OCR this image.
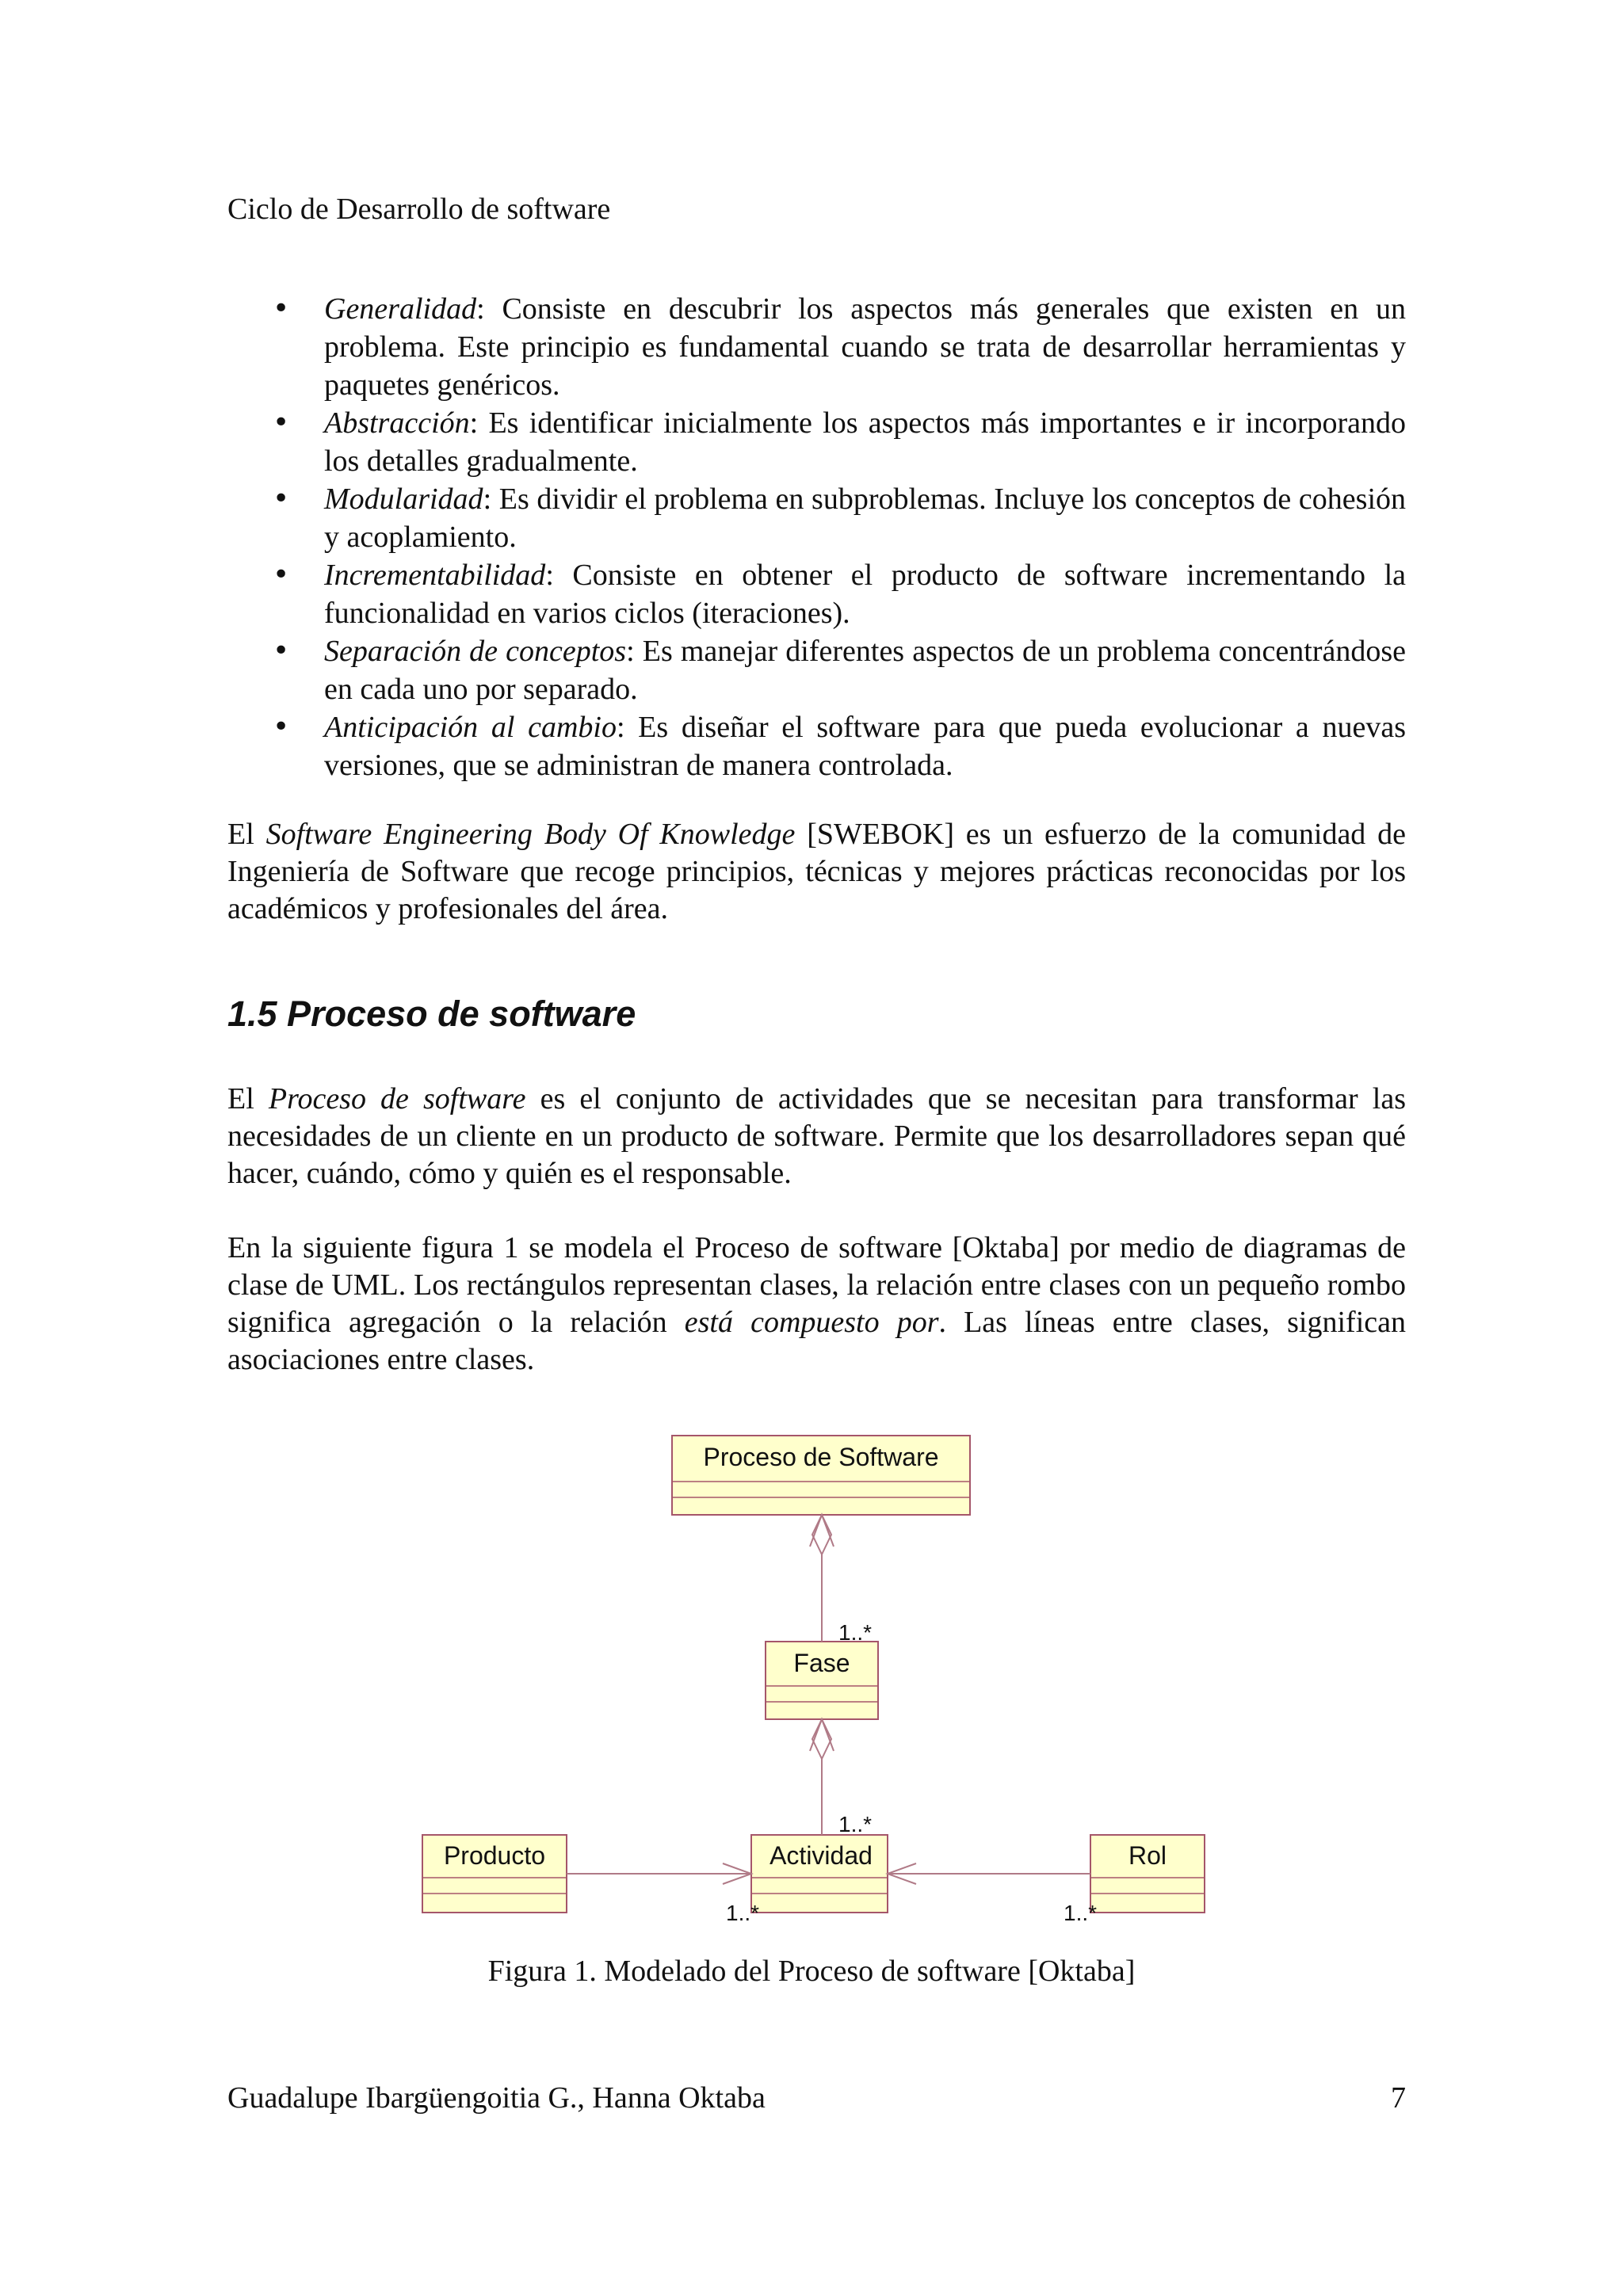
Ciclo de Desarrollo de software
• Generalidad: Consiste en descubrir los aspectos más generales que existen en un problema. Este principio es fundamental cuando se trata de desarrollar herramientas y paquetes genéricos.
• Abstracción: Es identificar inicialmente los aspectos más importantes e ir incorporando los detalles gradualmente.
• Modularidad: Es dividir el problema en subproblemas. Incluye los conceptos de cohesión y acoplamiento.
• Incrementabilidad: Consiste en obtener el producto de software incrementando la funcionalidad en varios ciclos (iteraciones).
• Separación de conceptos: Es manejar diferentes aspectos de un problema concentrándose en cada uno por separado.
• Anticipación al cambio: Es diseñar el software para que pueda evolucionar a nuevas versiones, que se administran de manera controlada.

El Software Engineering Body Of Knowledge [SWEBOK] es un esfuerzo de la comunidad de Ingeniería de Software que recoge principios, técnicas y mejores prácticas reconocidas por los académicos y profesionales del área.

1.5 Proceso de software

El Proceso de software es el conjunto de actividades que se necesitan para transformar las necesidades de un cliente en un producto de software. Permite que los desarrolladores sepan qué hacer, cuándo, cómo y quién es el responsable.

En la siguiente figura 1 se modela el Proceso de software [Oktaba] por medio de diagramas de clase de UML. Los rectángulos representan clases, la relación entre clases con un pequeño rombo significa agregación o la relación está compuesto por. Las líneas entre clases, significan asociaciones entre clases.

Proceso de Software
Fase
Actividad
Producto	Rol
1..*
1..*
1..*	1..*
Figura 1. Modelado del Proceso de software [Oktaba]
Guadalupe Ibargüengoitia G., Hanna Oktaba	7
